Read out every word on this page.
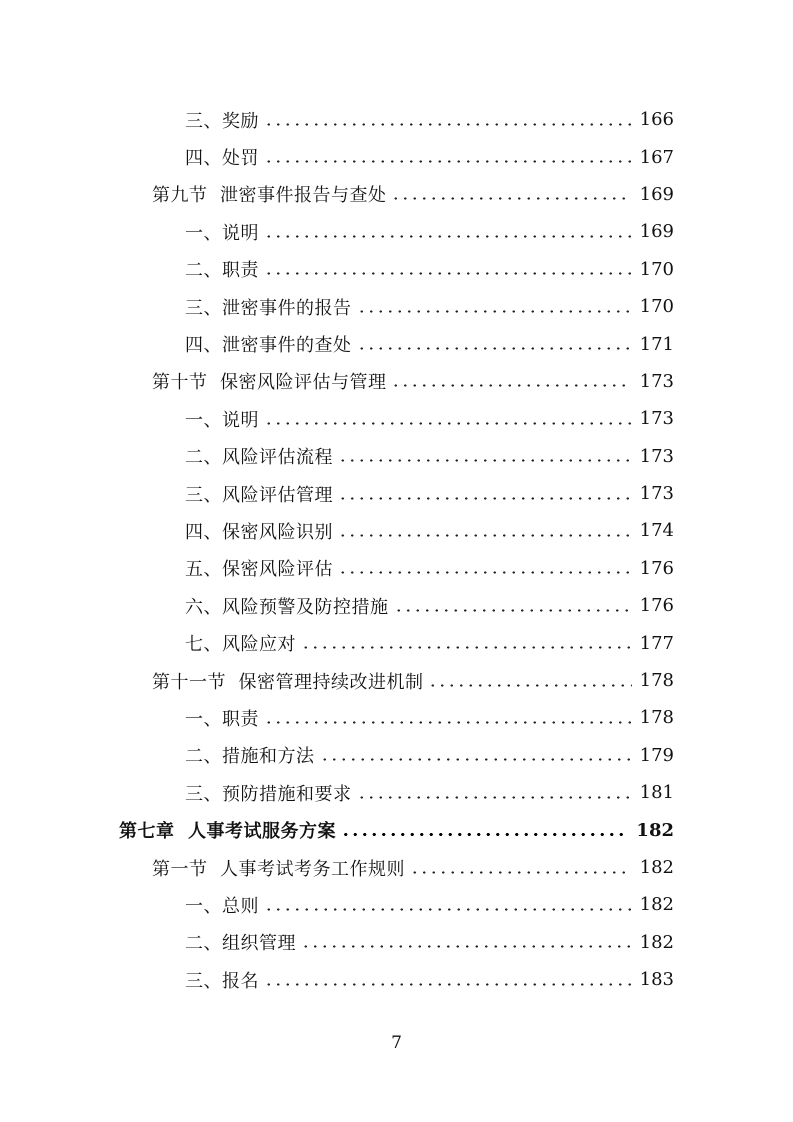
三、奖励	166
四、处罚	167
第九节  泄密事件报告与查处	169
一、说明	169
二、职责	170
三、泄密事件的报告	170
四、泄密事件的查处	171
第十节  保密风险评估与管理	173
一、说明	173
二、风险评估流程	173
三、风险评估管理	173
四、保密风险识别	174
五、保密风险评估	176
六、风险预警及防控措施	176
七、风险应对	177
第十一节  保密管理持续改进机制	178
一、职责	178
二、措施和方法	179
三、预防措施和要求	181
第七章  人事考试服务方案	182
第一节  人事考试考务工作规则	182
一、总则	182
二、组织管理	182
三、报名	183
7
